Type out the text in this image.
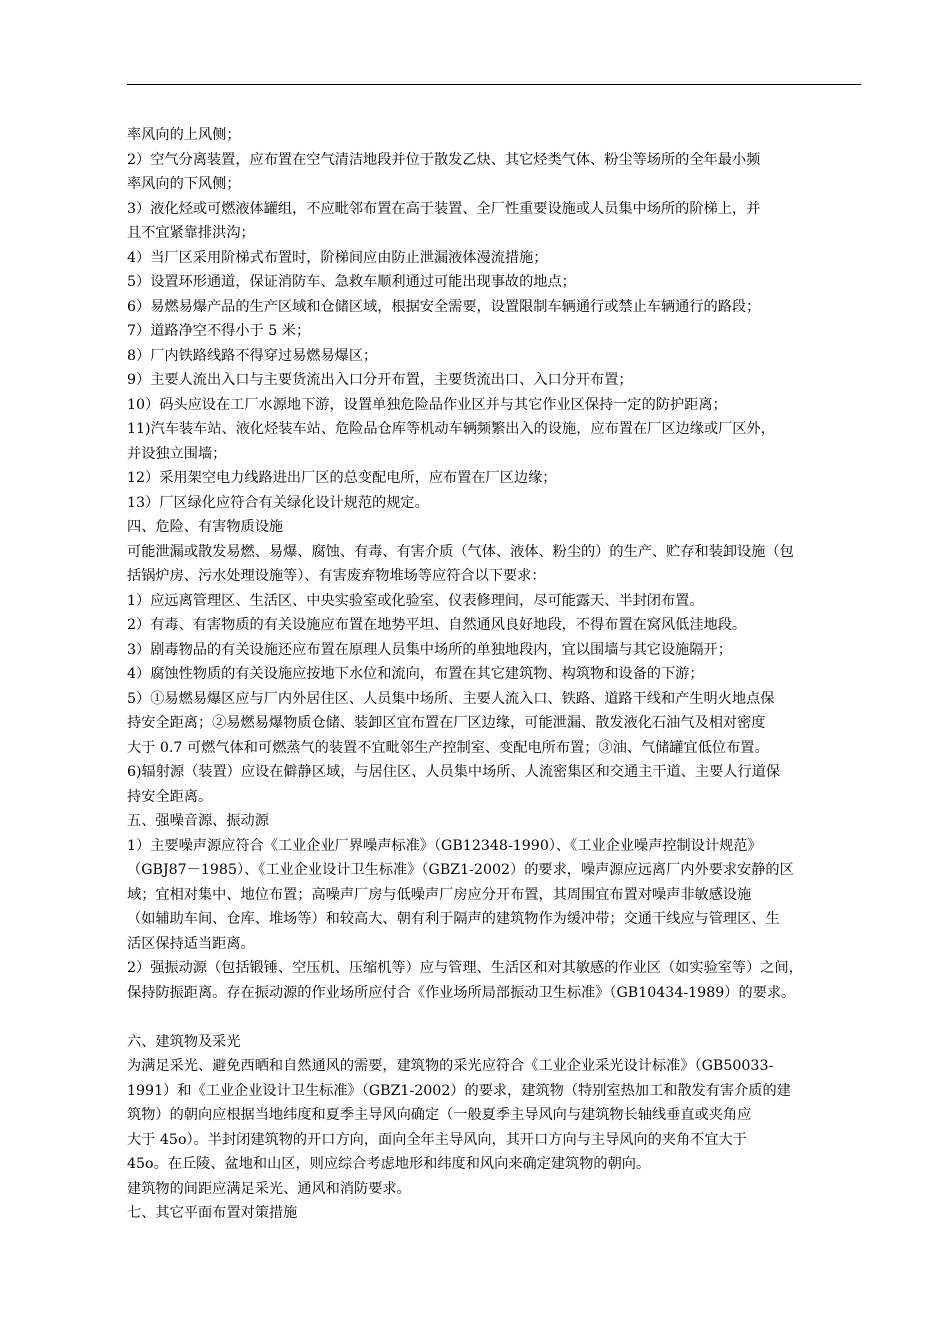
率风向的上风侧；
2）空气分离装置，应布置在空气清洁地段并位于散发乙炔、其它烃类气体、粉尘等场所的全年最小频
率风向的下风侧；
3）液化烃或可燃液体罐组，不应毗邻布置在高于装置、全厂性重要设施或人员集中场所的阶梯上，并
且不宜紧靠排洪沟；
4）当厂区采用阶梯式布置时，阶梯间应由防止泄漏液体漫流措施；
5）设置环形通道，保证消防车、急救车顺利通过可能出现事故的地点；
6）易燃易爆产品的生产区域和仓储区域，根据安全需要，设置限制车辆通行或禁止车辆通行的路段；
7）道路净空不得小于 5 米；
8）厂内铁路线路不得穿过易燃易爆区；
9）主要人流出入口与主要货流出入口分开布置，主要货流出口、入口分开布置；
10）码头应设在工厂水源地下游，设置单独危险品作业区并与其它作业区保持一定的防护距离；
11)汽车装车站、液化烃装车站、危险品仓库等机动车辆频繁出入的设施，应布置在厂区边缘或厂区外，
并设独立围墙；
12）采用架空电力线路进出厂区的总变配电所，应布置在厂区边缘；
13）厂区绿化应符合有关绿化设计规范的规定。
四、危险、有害物质设施
可能泄漏或散发易燃、易爆、腐蚀、有毒、有害介质（气体、液体、粉尘的）的生产、贮存和装卸设施（包
括锅炉房、污水处理设施等）、有害废弃物堆场等应符合以下要求：
1）应远离管理区、生活区、中央实验室或化验室、仪表修理间，尽可能露天、半封闭布置。
2）有毒、有害物质的有关设施应布置在地势平坦、自然通风良好地段，不得布置在窝风低洼地段。
3）剧毒物品的有关设施还应布置在原理人员集中场所的单独地段内，宜以围墙与其它设施隔开；
4）腐蚀性物质的有关设施应按地下水位和流向，布置在其它建筑物、构筑物和设备的下游；
5）①易燃易爆区应与厂内外居住区、人员集中场所、主要人流入口、铁路、道路干线和产生明火地点保
持安全距离；②易燃易爆物质仓储、装卸区宜布置在厂区边缘，可能泄漏、散发液化石油气及相对密度
大于 0.7 可燃气体和可燃蒸气的装置不宜毗邻生产控制室、变配电所布置；③油、气储罐宜低位布置。
6)辐射源（装置）应设在僻静区域，与居住区、人员集中场所、人流密集区和交通主干道、主要人行道保
持安全距离。
五、强噪音源、振动源
1）主要噪声源应符合《工业企业厂界噪声标准》（GB12348-1990）、《工业企业噪声控制设计规范》
（GBJ87－1985）、《工业企业设计卫生标准》（GBZ1-2002）的要求，噪声源应远离厂内外要求安静的区
域；宜相对集中、地位布置；高噪声厂房与低噪声厂房应分开布置，其周围宜布置对噪声非敏感设施
（如辅助车间、仓库、堆场等）和较高大、朝有利于隔声的建筑物作为缓冲带；交通干线应与管理区、生
活区保持适当距离。
2）强振动源（包括锻锤、空压机、压缩机等）应与管理、生活区和对其敏感的作业区（如实验室等）之间，
保持防振距离。存在振动源的作业场所应付合《作业场所局部振动卫生标准》（GB10434-1989）的要求。
六、建筑物及采光
为满足采光、避免西晒和自然通风的需要，建筑物的采光应符合《工业企业采光设计标准》（GB50033-
1991）和《工业企业设计卫生标准》（GBZ1-2002）的要求，建筑物（特别室热加工和散发有害介质的建
筑物）的朝向应根据当地纬度和夏季主导风向确定（一般夏季主导风向与建筑物长轴线垂直或夹角应
大于 45o）。半封闭建筑物的开口方向，面向全年主导风向，其开口方向与主导风向的夹角不宜大于
45o。在丘陵、盆地和山区，则应综合考虑地形和纬度和风向来确定建筑物的朝向。
建筑物的间距应满足采光、通风和消防要求。
七、其它平面布置对策措施
